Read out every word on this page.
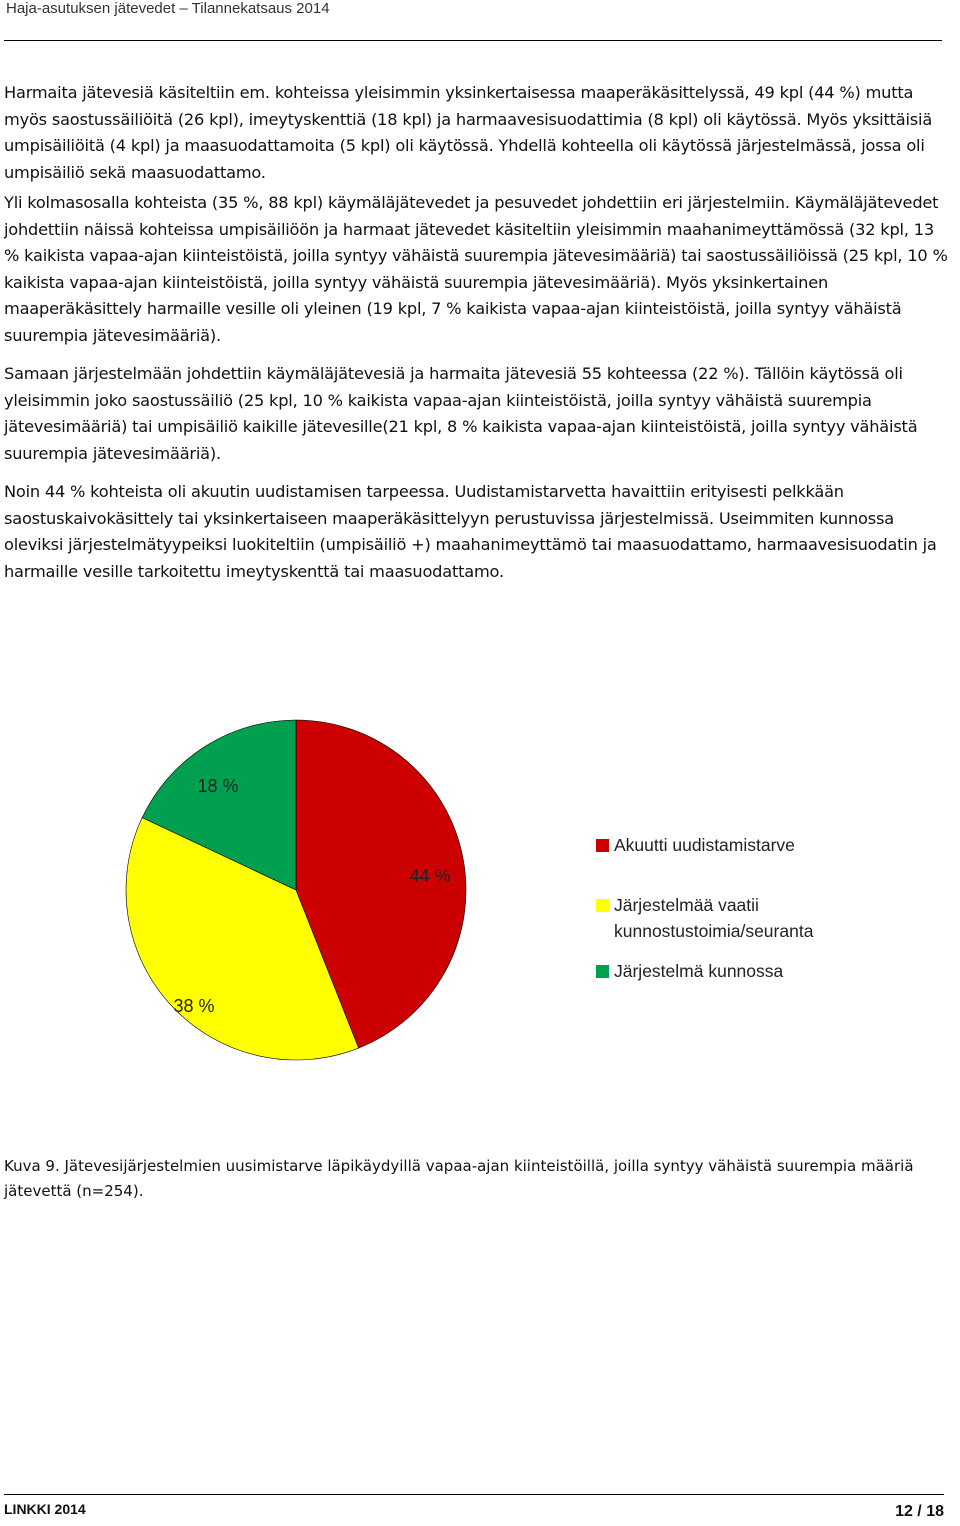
Haja-asutuksen jätevedet – Tilannekatsaus 2014

Harmaita jätevesiä käsiteltiin em. kohteissa yleisimmin yksinkertaisessa maaperäkäsittelyssä, 49 kpl (44 %) mutta myös saostussäiliöitä (26 kpl), imeytyskenttiä (18 kpl) ja harmaavesisuodattimia (8 kpl) oli käytössä. Myös yksittäisiä umpisäiliöitä (4 kpl) ja maasuodattamoita (5 kpl) oli käytössä. Yhdellä kohteella oli käytössä järjestelmässä, jossa oli umpisäiliö sekä maasuodattamo.

Yli kolmasosalla kohteista (35 %, 88 kpl) käymäläjätevedet ja pesuvedet johdettiin eri järjestelmiin. Käymäläjätevedet johdettiin näissä kohteissa umpisäiliöön ja harmaat jätevedet käsiteltiin yleisimmin maahanimeyttämössä (32 kpl, 13 % kaikista vapaa-ajan kiinteistöistä, joilla syntyy vähäistä suurempia jätevesimääriä) tai saostussäiliöissä (25 kpl, 10 % kaikista vapaa-ajan kiinteistöistä, joilla syntyy vähäistä suurempia jätevesimääriä). Myös yksinkertainen maaperäkäsittely harmaille vesille oli yleinen (19 kpl, 7 % kaikista vapaa-ajan kiinteistöistä, joilla syntyy vähäistä suurempia jätevesimääriä).

Samaan järjestelmään johdettiin käymäläjätevesiä ja harmaita jätevesiä 55 kohteessa (22 %). Tällöin käytössä oli yleisimmin joko saostussäiliö (25 kpl, 10 % kaikista vapaa-ajan kiinteistöistä, joilla syntyy vähäistä suurempia jätevesimääriä) tai umpisäiliö kaikille jätevesille(21 kpl, 8 % kaikista vapaa-ajan kiinteistöistä, joilla syntyy vähäistä suurempia jätevesimääriä).

Noin 44 % kohteista oli akuutin uudistamisen tarpeessa. Uudistamistarvetta havaittiin erityisesti pelkkään saostuskaivokäsittely tai yksinkertaiseen maaperäkäsittelyyn perustuvissa järjestelmissä. Useimmiten kunnossa oleviksi järjestelmätyypeiksi luokiteltiin (umpisäiliö +) maahanimeyttämö tai maasuodattamo, harmaavesisuodatin ja harmaille vesille tarkoitettu imeytyskenttä tai maasuodattamo.

44 %
38 %
18 %
Akuutti uudistamistarve
Järjestelmää vaatii kunnostustoimia/seuranta
Järjestelmä kunnossa
Kuva 9. Jätevesijärjestelmien uusimistarve läpikäydyillä vapaa-ajan kiinteistöillä, joilla syntyy vähäistä suurempia määriä jätevettä (n=254).
LINKKI 2014	12 / 18
